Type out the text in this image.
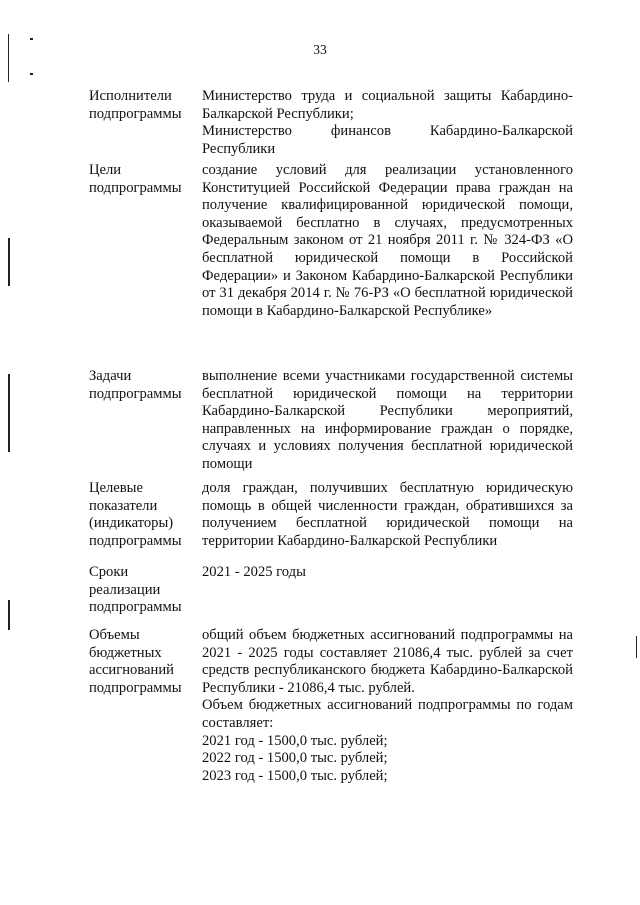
33
Исполнители подпрограммы

Министерство труда и социальной защиты Кабардино-Балкарской Республики;

Министерство финансов Кабардино-Балкарской Республики

Цели подпрограммы

создание условий для реализации установленного Конституцией Российской Федерации права граждан на получение квалифицированной юридической помощи, оказываемой бесплатно в случаях, предусмотренных Федеральным законом от 21 ноября 2011 г. № 324-ФЗ «О бесплатной юридической помощи в Российской Федерации» и Законом Кабардино-Балкарской Республики от 31 декабря 2014 г. № 76-РЗ «О бесплатной юридической помощи в Кабардино-Балкарской Республике»

Задачи подпрограммы

выполнение всеми участниками государственной системы бесплатной юридической помощи на территории Кабардино-Балкарской Республики мероприятий, направленных на информирование граждан о порядке, случаях и условиях получения бесплатной юридической помощи

Целевые показатели (индикаторы) подпрограммы

доля граждан, получивших бесплатную юридическую помощь в общей численности граждан, обратившихся за получением бесплатной юридической помощи на территории Кабардино-Балкарской Республики

Сроки реализации подпрограммы

2021 - 2025 годы

Объемы бюджетных ассигнований подпрограммы

общий объем бюджетных ассигнований подпрограммы на 2021 - 2025 годы составляет 21086,4 тыс. рублей за счет средств республиканского бюджета Кабардино-Балкарской Республики - 21086,4 тыс. рублей.

Объем бюджетных ассигнований подпрограммы по годам составляет:

2021 год - 1500,0 тыс. рублей;

2022 год - 1500,0 тыс. рублей;

2023 год - 1500,0 тыс. рублей;
